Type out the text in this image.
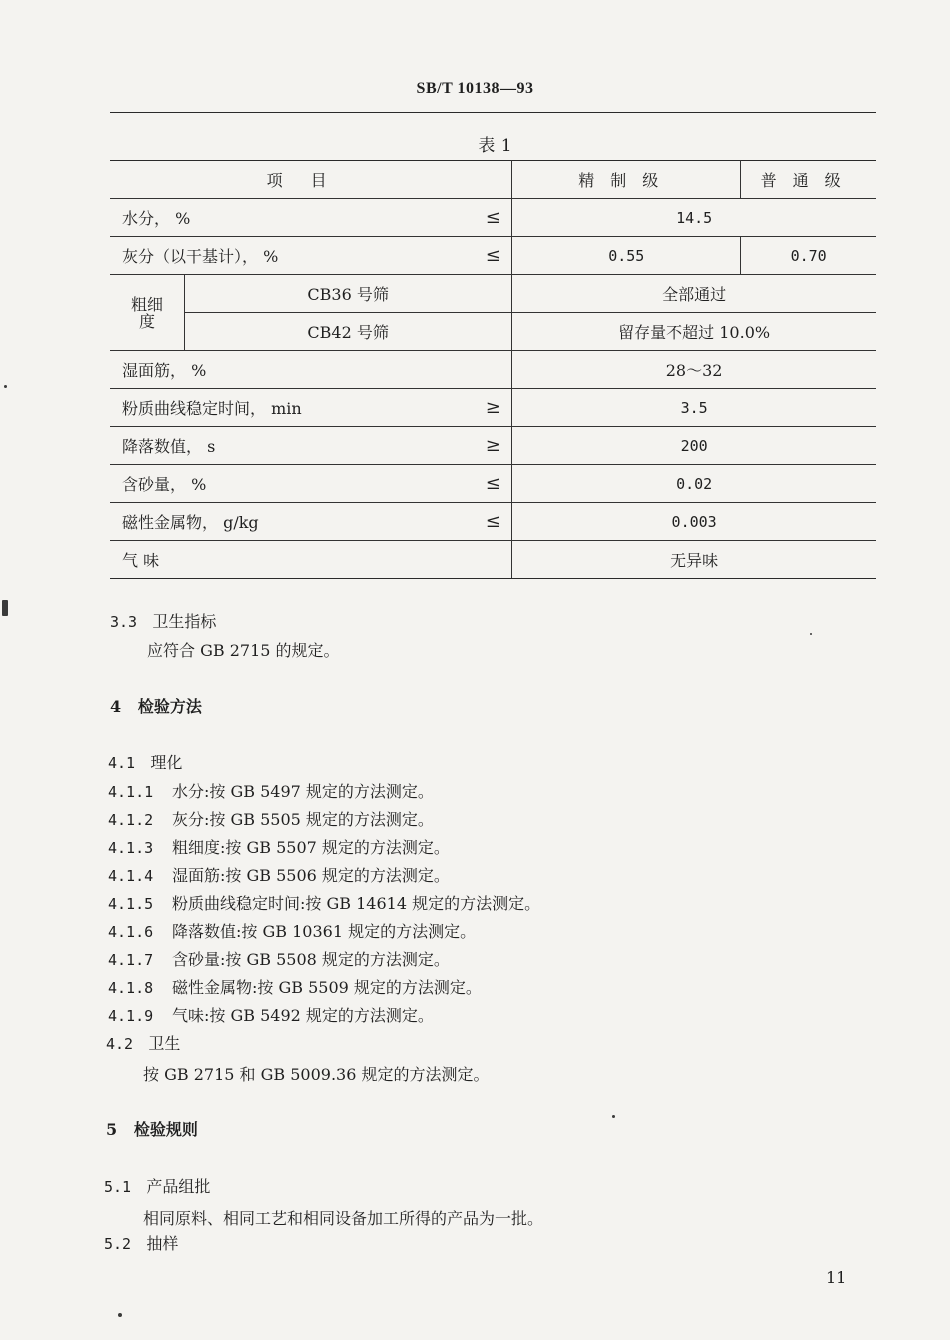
SB/T 10138—93
表 1
项目			精制级	普通级
水分， %		≤	14.5	
灰分（以干基计）， %		≤	0.55	0.70
粗细度	CB36 号筛		全部通过	
	CB42 号筛		留存量不超过 10.0%	
湿面筋， %			28～32	
粉质曲线稳定时间， min		≥	3.5	
降落数值， s		≥	200	
含砂量， %		≤	0.02	
磁性金属物， g/kg		≤	0.003	
气 味			无异味	
3.3 卫生指标
应符合 GB 2715 的规定。
4 检验方法
4.1 理化
4.1.1 水分:按 GB 5497 规定的方法测定。
4.1.2 灰分:按 GB 5505 规定的方法测定。
4.1.3 粗细度:按 GB 5507 规定的方法测定。
4.1.4 湿面筋:按 GB 5506 规定的方法测定。
4.1.5 粉质曲线稳定时间:按 GB 14614 规定的方法测定。
4.1.6 降落数值:按 GB 10361 规定的方法测定。
4.1.7 含砂量:按 GB 5508 规定的方法测定。
4.1.8 磁性金属物:按 GB 5509 规定的方法测定。
4.1.9 气味:按 GB 5492 规定的方法测定。
4.2 卫生
按 GB 2715 和 GB 5009.36 规定的方法测定。
5 检验规则
5.1 产品组批
相同原料、相同工艺和相同设备加工所得的产品为一批。
5.2 抽样
11
